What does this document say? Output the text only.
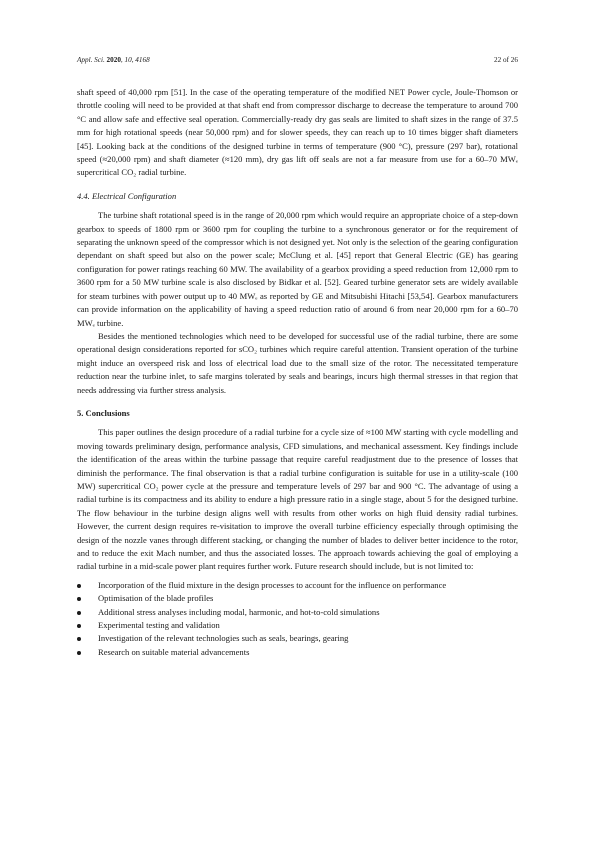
Appl. Sci. 2020, 10, 4168	22 of 26

shaft speed of 40,000 rpm [51]. In the case of the operating temperature of the modified NET Power cycle, Joule-Thomson or throttle cooling will need to be provided at that shaft end from compressor discharge to decrease the temperature to around 700 °C and allow safe and effective seal operation. Commercially-ready dry gas seals are limited to shaft sizes in the range of 37.5 mm for high rotational speeds (near 50,000 rpm) and for slower speeds, they can reach up to 10 times bigger shaft diameters [45]. Looking back at the conditions of the designed turbine in terms of temperature (900 °C), pressure (297 bar), rotational speed (≈20,000 rpm) and shaft diameter (≈120 mm), dry gas lift off seals are not a far measure from use for a 60–70 MWₑ supercritical CO₂ radial turbine.

4.4. Electrical Configuration

The turbine shaft rotational speed is in the range of 20,000 rpm which would require an appropriate choice of a step-down gearbox to speeds of 1800 rpm or 3600 rpm for coupling the turbine to a synchronous generator or for the requirement of separating the unknown speed of the compressor which is not designed yet. Not only is the selection of the gearing configuration dependant on shaft speed but also on the power scale; McClung et al. [45] report that General Electric (GE) has gearing configuration for power ratings reaching 60 MW. The availability of a gearbox providing a speed reduction from 12,000 rpm to 3600 rpm for a 50 MW turbine scale is also disclosed by Bidkar et al. [52]. Geared turbine generator sets are widely available for steam turbines with power output up to 40 MWₑ as reported by GE and Mitsubishi Hitachi [53,54]. Gearbox manufacturers can provide information on the applicability of having a speed reduction ratio of around 6 from near 20,000 rpm for a 60–70 MWₑ turbine.

Besides the mentioned technologies which need to be developed for successful use of the radial turbine, there are some operational design considerations reported for sCO₂ turbines which require careful attention. Transient operation of the turbine might induce an overspeed risk and loss of electrical load due to the small size of the rotor. The necessitated temperature reduction near the turbine inlet, to safe margins tolerated by seals and bearings, incurs high thermal stresses in that region that needs addressing via further stress analysis.

5. Conclusions

This paper outlines the design procedure of a radial turbine for a cycle size of ≈100 MW starting with cycle modelling and moving towards preliminary design, performance analysis, CFD simulations, and mechanical assessment. Key findings include the identification of the areas within the turbine passage that require careful readjustment due to the presence of losses that diminish the performance. The final observation is that a radial turbine configuration is suitable for use in a utility-scale (100 MW) supercritical CO₂ power cycle at the pressure and temperature levels of 297 bar and 900 °C. The advantage of using a radial turbine is its compactness and its ability to endure a high pressure ratio in a single stage, about 5 for the designed turbine. The flow behaviour in the turbine design aligns well with results from other works on high fluid density radial turbines. However, the current design requires re-visitation to improve the overall turbine efficiency especially through optimising the design of the nozzle vanes through different stacking, or changing the number of blades to deliver better incidence to the rotor, and to reduce the exit Mach number, and thus the associated losses. The approach towards achieving the goal of employing a radial turbine in a mid-scale power plant requires further work. Future research should include, but is not limited to:

Incorporation of the fluid mixture in the design processes to account for the influence on performance
Optimisation of the blade profiles
Additional stress analyses including modal, harmonic, and hot-to-cold simulations
Experimental testing and validation
Investigation of the relevant technologies such as seals, bearings, gearing
Research on suitable material advancements
